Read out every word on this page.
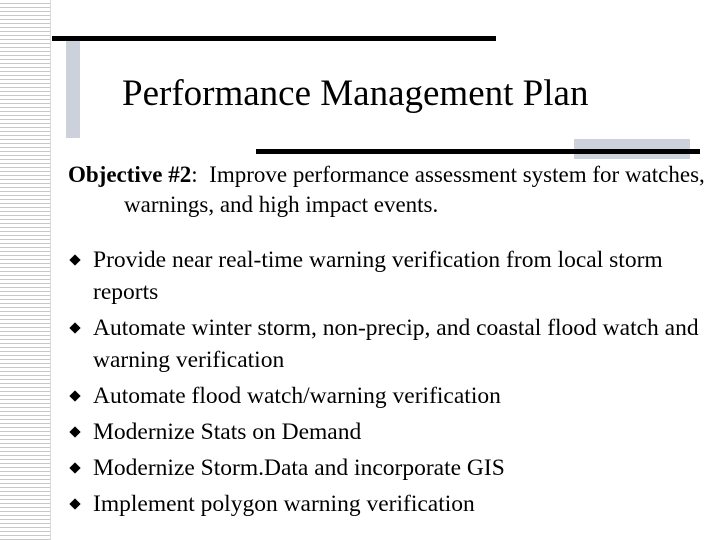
Performance Management Plan
Objective #2:  Improve performance assessment system for watches, warnings, and high impact events.
Provide near real-time warning verification from local storm reports
Automate winter storm, non-precip, and coastal flood watch and warning verification
Automate flood watch/warning verification
Modernize Stats on Demand
Modernize Storm.Data and incorporate GIS
Implement polygon warning verification
